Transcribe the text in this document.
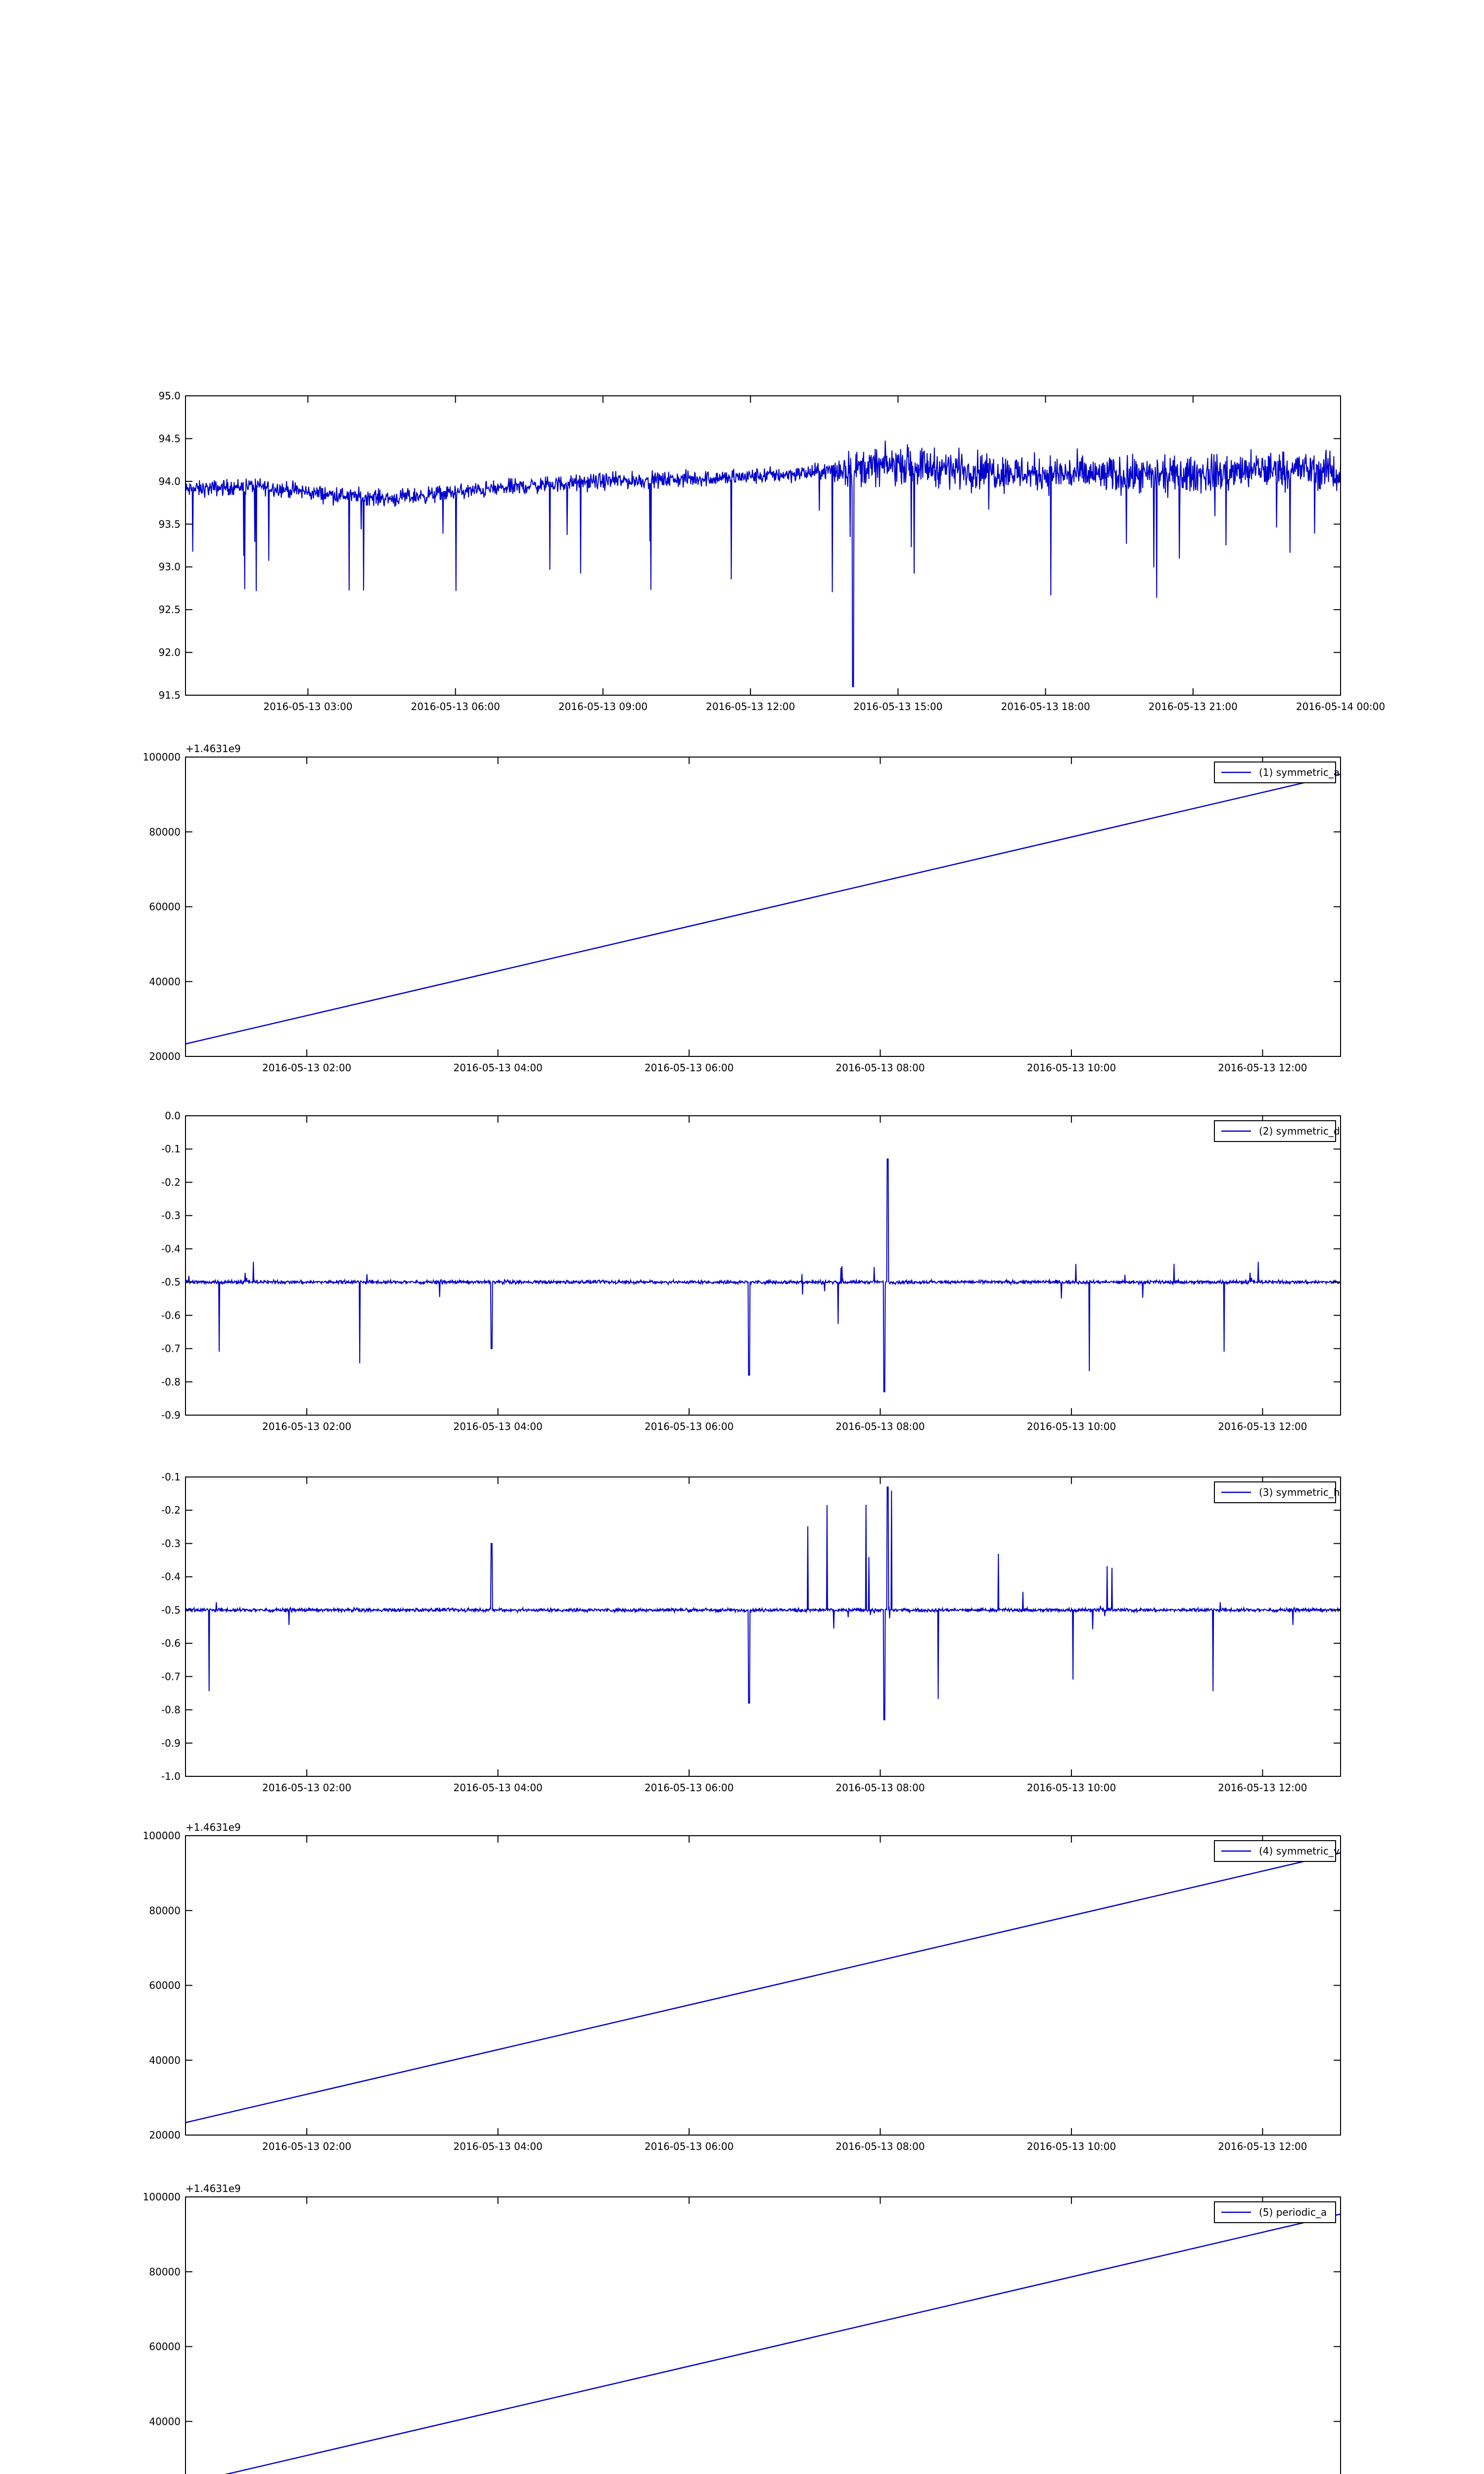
95.0
94.5
94.0
93.5
93.0
92.5
92.0
91.5
2016-05-13 03:00	2016-05-13 06:00	2016-05-13 09:00	2016-05-13 12:00	2016-05-13 15:00	2016-05-13 18:00	2016-05-13 21:00	2016-05-14 00:00
100000
80000
60000
40000
20000
2016-05-13 02:00	2016-05-13 04:00	2016-05-13 06:00	2016-05-13 08:00	2016-05-13 10:00	2016-05-13 12:00
+1.4631e9
(1) symmetric_a
0.0
-0.1
-0.2
-0.3
-0.4
-0.5
-0.6
-0.7
-0.8
-0.9
2016-05-13 02:00	2016-05-13 04:00	2016-05-13 06:00	2016-05-13 08:00	2016-05-13 10:00	2016-05-13 12:00
(2) symmetric_d
-0.1
-0.2
-0.3
-0.4
-0.5
-0.6
-0.7
-0.8
-0.9
-1.0
2016-05-13 02:00	2016-05-13 04:00	2016-05-13 06:00	2016-05-13 08:00	2016-05-13 10:00	2016-05-13 12:00
(3) symmetric_h
100000
80000
60000
40000
20000
2016-05-13 02:00	2016-05-13 04:00	2016-05-13 06:00	2016-05-13 08:00	2016-05-13 10:00	2016-05-13 12:00
+1.4631e9
(4) symmetric_v
100000
80000
60000
40000
+1.4631e9
(5) periodic_a
